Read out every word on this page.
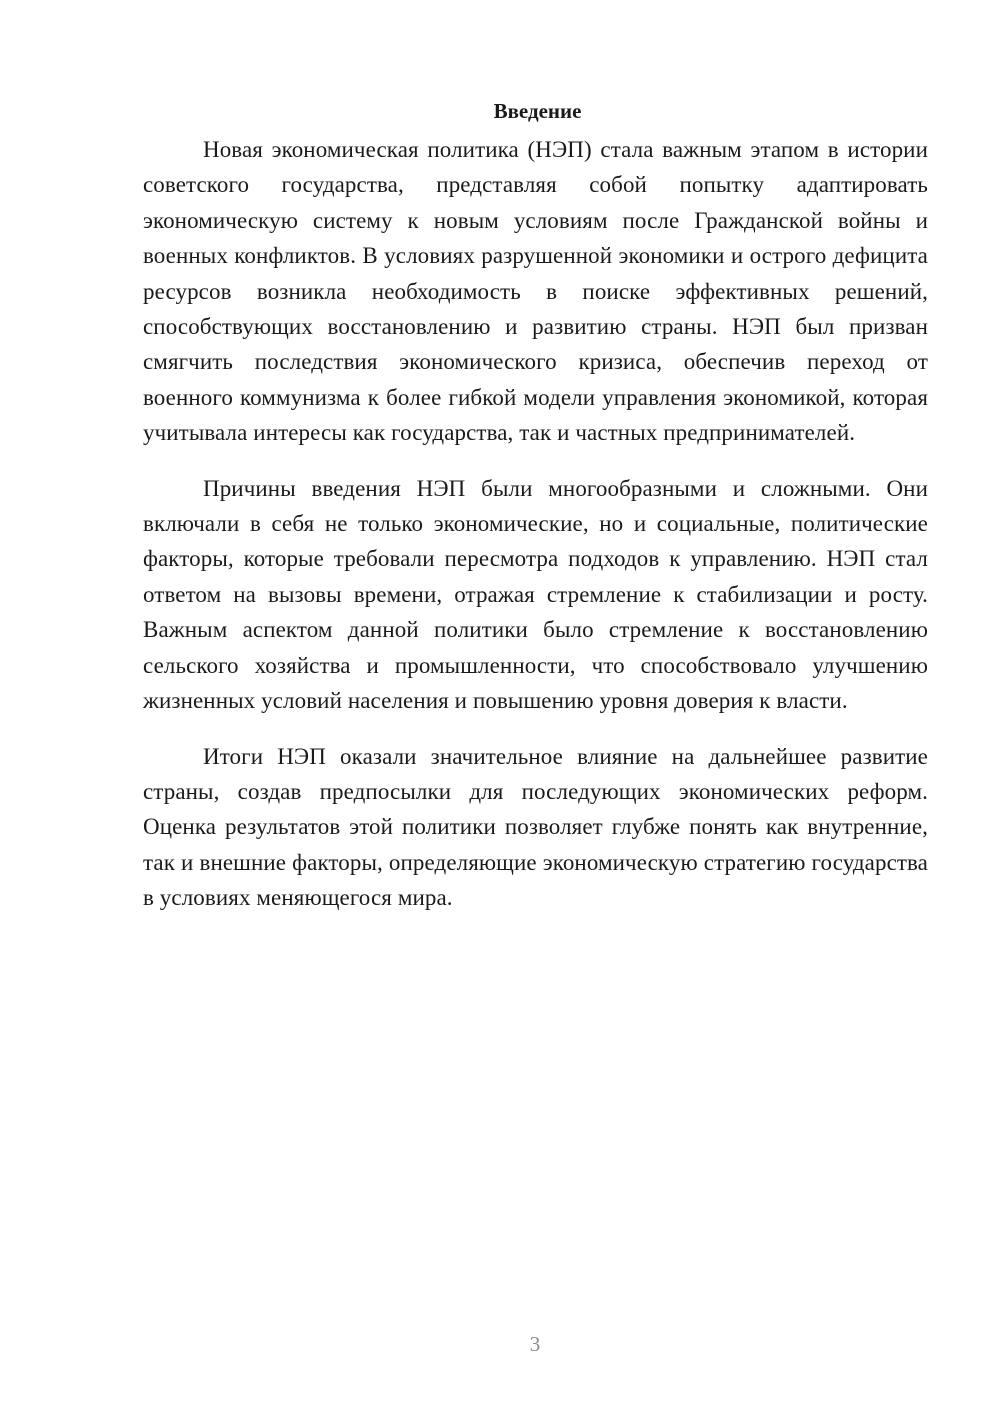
Введение

Новая экономическая политика (НЭП) стала важным этапом в истории советского государства, представляя собой попытку адаптировать экономическую систему к новым условиям после Гражданской войны и военных конфликтов. В условиях разрушенной экономики и острого дефицита ресурсов возникла необходимость в поиске эффективных решений, способствующих восстановлению и развитию страны. НЭП был призван смягчить последствия экономического кризиса, обеспечив переход от военного коммунизма к более гибкой модели управления экономикой, которая учитывала интересы как государства, так и частных предпринимателей.

Причины введения НЭП были многообразными и сложными. Они включали в себя не только экономические, но и социальные, политические факторы, которые требовали пересмотра подходов к управлению. НЭП стал ответом на вызовы времени, отражая стремление к стабилизации и росту. Важным аспектом данной политики было стремление к восстановлению сельского хозяйства и промышленности, что способствовало улучшению жизненных условий населения и повышению уровня доверия к власти.

Итоги НЭП оказали значительное влияние на дальнейшее развитие страны, создав предпосылки для последующих экономических реформ. Оценка результатов этой политики позволяет глубже понять как внутренние, так и внешние факторы, определяющие экономическую стратегию государства в условиях меняющегося мира.

3
